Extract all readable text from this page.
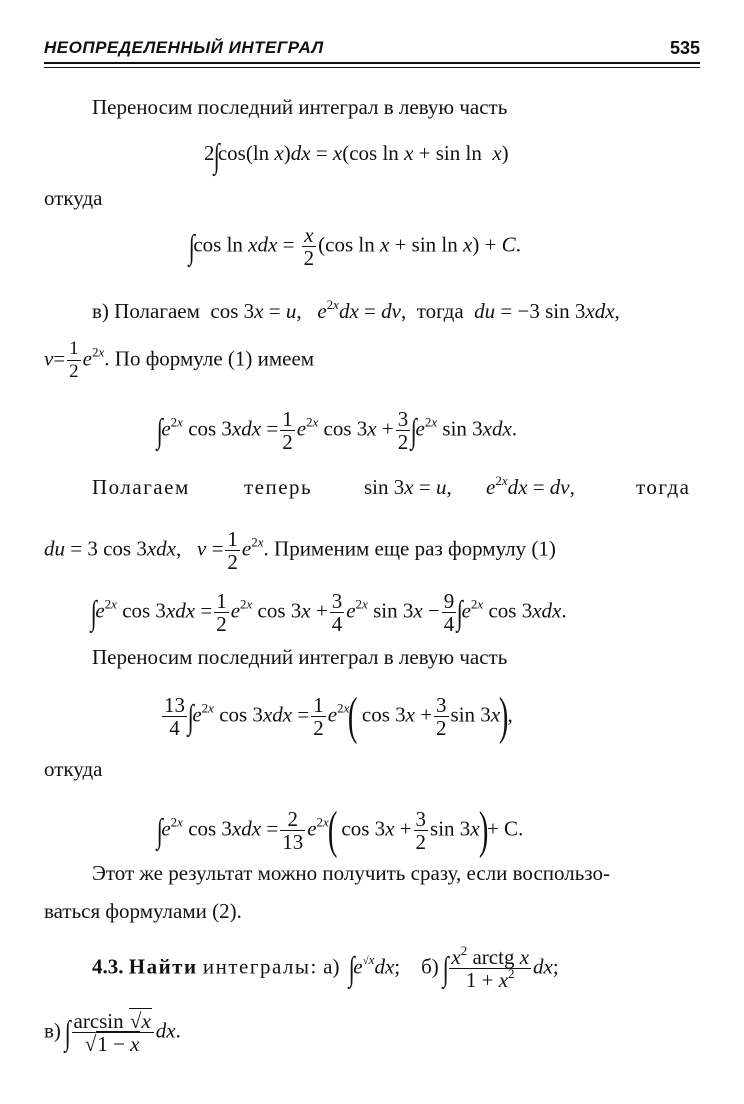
НЕОПРЕДЕЛЕННЫЙ ИНТЕГРАЛ	535
Переносим последний интеграл в левую часть
2∫cos(ln x)dx = x(cos ln x + sin ln  x)
откуда
∫cos ln xdx = $\frac{x}{2} (\cos$ ln x + sin ln x) + C.
в) Полагаем  cos 3x = u,   $e^{2x}dx$ = dv,  тогда du = −3 sin 3xdx,
$v= \frac{1}{2} e^{2x}$. По формуле (1) имеем
$\int e^{2x}$ $\cos 3xdx = \frac{1}{2} e^{2x}$ $\cos 3x + \frac{3}{2} \int e^{2x}$ sin 3xdx.
Полагаем	теперь sin 3x = u, $e^{2x}dx$ = dv,	тогда
du = 3 cos 3xdx,   $v = \frac{1}{2} e^{2x}$. Применим еще раз формулу (1)
$\int e^{2x}$ $\cos 3xdx = \frac{1}{2} e^{2x}$ $\cos 3x + \frac{3}{4} e^{2x}$ $\sin 3x - \frac{9}{4} \int e^{2x}$ cos 3xdx.
Переносим последний интеграл в левую часть
$\frac{13}{4} \int e^{2x}$ $\cos 3xdx = \frac{1}{2} e^{2x}$( $\cos 3x + \frac{3}{2}$ sin 3x),
откуда
$\int e^{2x}$ $\cos 3xdx = \frac{2}{13} e^{2x}$( $\cos 3x + \frac{3}{2}$ sin 3x)+ C.
Этот же результат можно получить сразу, если воспользо-
ваться формулами (2).
4.3. Найти интегралы: а) $\int e^{√x}dx$;    б) ∫ $\frac{x^2 arctg x}{1 + x^2}$ dx;
в) ∫ $\frac{\arcsin √x}{√1 - x}$ dx.
